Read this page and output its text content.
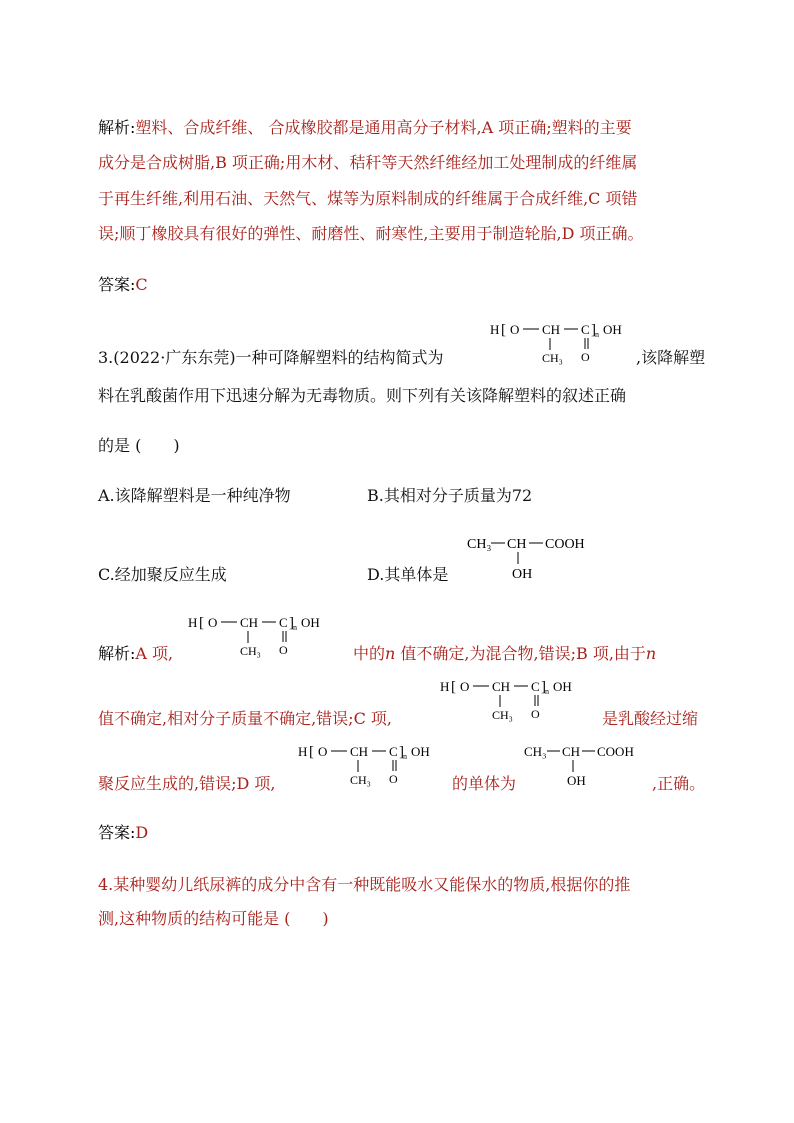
解析:塑料、合成纤维、 合成橡胶都是通用高分子材料,A 项正确;塑料的主要
成分是合成树脂,B 项正确;用木材、秸秆等天然纤维经加工处理制成的纤维属
于再生纤维,利用石油、天然气、煤等为原料制成的纤维属于合成纤维,C 项错
误;顺丁橡胶具有很好的弹性、耐磨性、耐寒性,主要用于制造轮胎,D 项正确。
答案:C
3.(2022·广东东莞)一种可降解塑料的结构简式为	,该降解塑
料在乳酸菌作用下迅速分解为无毒物质。则下列有关该降解塑料的叙述正确
的是 (　　)
A.该降解塑料是一种纯净物	B.其相对分子质量为72
C.经加聚反应生成	D.其单体是
H [ O CH C ] n OH
CH₃ O
CH₃ CH COOH
OH
解析:A 项,	中的n 值不确定,为混合物,错误;B 项,由于n
H [ O CH C ] n OH
CH₃ O
值不确定,相对分子质量不确定,错误;C 项,	是乳酸经过缩
H [ O CH C ] n OH
CH₃ O
聚反应生成的,错误;D 项,	的单体为	,正确。
H [ O CH C ] n OH
CH₃ O
CH₃ CH COOH
OH
答案:D
4.某种婴幼儿纸尿裤的成分中含有一种既能吸水又能保水的物质,根据你的推
测,这种物质的结构可能是 (　　)
